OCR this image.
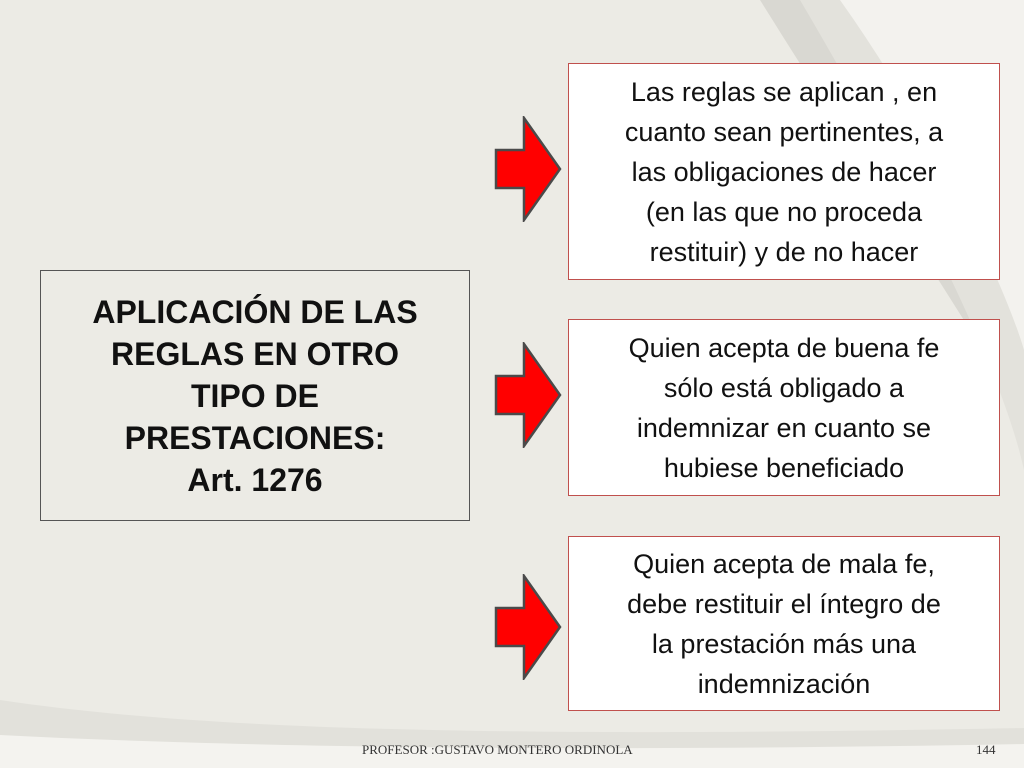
APLICACIÓN DE LAS
REGLAS EN OTRO
TIPO DE
PRESTACIONES:
Art. 1276
Las reglas se aplican , en
cuanto sean pertinentes, a
las obligaciones de hacer
(en las que no proceda
restituir) y de no hacer
Quien acepta de buena fe
sólo está obligado a
indemnizar en cuanto se
hubiese beneficiado
Quien acepta de mala fe,
debe restituir el íntegro de
la prestación más una
indemnización
PROFESOR :GUSTAVO MONTERO ORDINOLA	144
